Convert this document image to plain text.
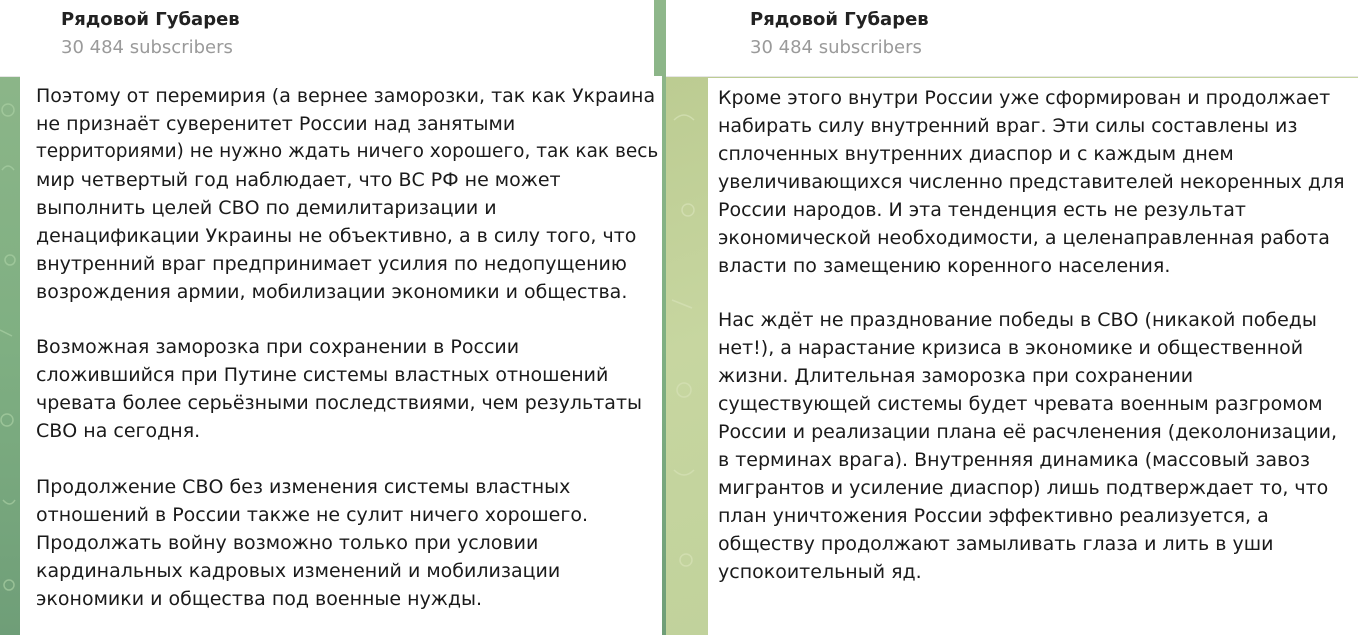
Рядовой Губарев
30 484 subscribers
Поэтому от перемирия (а вернее заморозки, так как Украина
не признаёт суверенитет России над занятыми
территориями) не нужно ждать ничего хорошего, так как весь
мир четвертый год наблюдает, что ВС РФ не может
выполнить целей СВО по демилитаризации и
денацификации Украины не объективно, а в силу того, что
внутренний враг предпринимает усилия по недопущению
возрождения армии, мобилизации экономики и общества.
Возможная заморозка при сохранении в России
сложившийся при Путине системы властных отношений
чревата более серьёзными последствиями, чем результаты
СВО на сегодня.
Продолжение СВО без изменения системы властных
отношений в России также не сулит ничего хорошего.
Продолжать войну возможно только при условии
кардинальных кадровых изменений и мобилизации
экономики и общества под военные нужды.
Рядовой Губарев
30 484 subscribers
Кроме этого внутри России уже сформирован и продолжает
набирать силу внутренний враг. Эти силы составлены из
сплоченных внутренних диаспор и с каждым днем
увеличивающихся численно представителей некоренных для
России народов. И эта тенденция есть не результат
экономической необходимости, а целенаправленная работа
власти по замещению коренного населения.
Нас ждёт не празднование победы в СВО (никакой победы
нет!), а нарастание кризиса в экономике и общественной
жизни. Длительная заморозка при сохранении
существующей системы будет чревата военным разгромом
России и реализации плана её расчленения (деколонизации,
в терминах врага). Внутренняя динамика (массовый завоз
мигрантов и усиление диаспор) лишь подтверждает то, что
план уничтожения России эффективно реализуется, а
обществу продолжают замыливать глаза и лить в уши
успокоительный яд.
